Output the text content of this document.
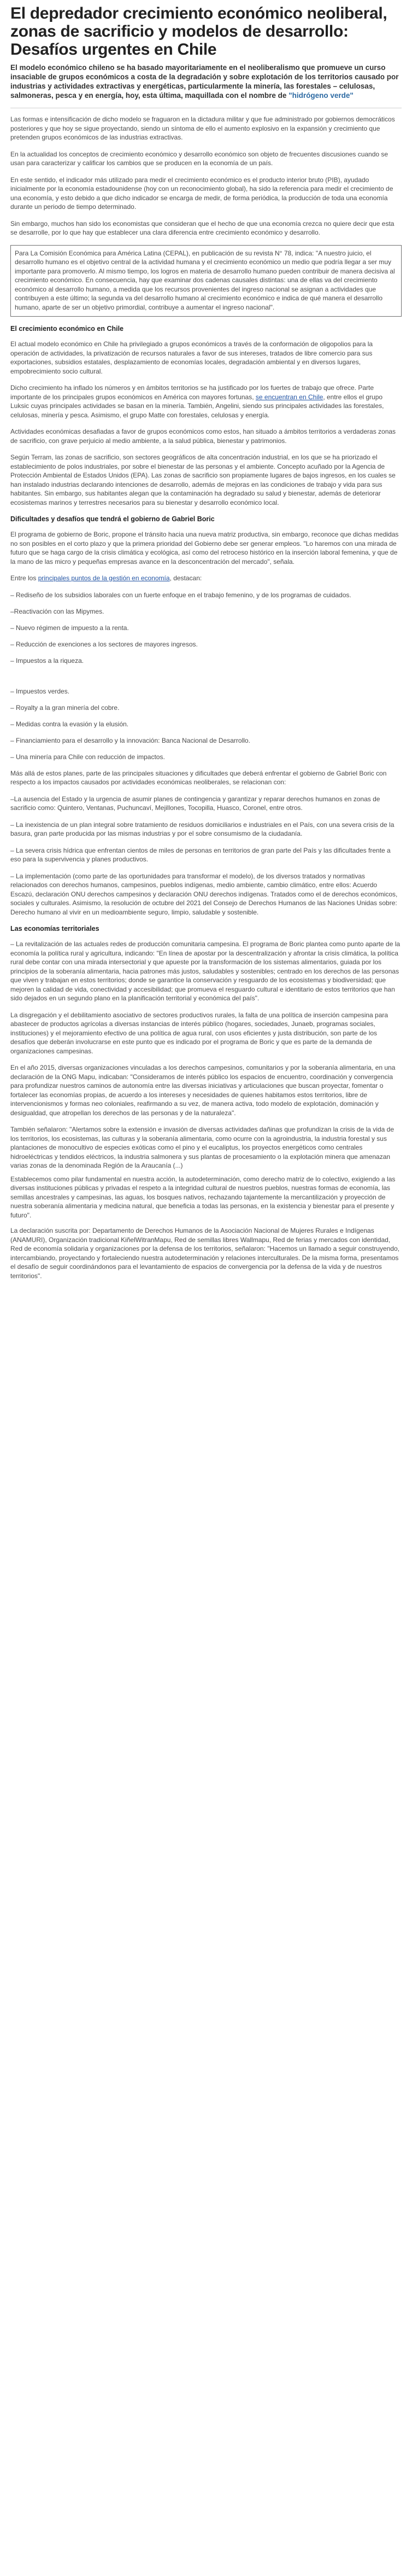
El depredador crecimiento económico neoliberal, zonas de sacrificio y modelos de desarrollo: Desafíos urgentes en Chile

El modelo económico chileno se ha basado mayoritariamente en el neoliberalismo que promueve un curso insaciable de grupos económicos a costa de la degradación y sobre explotación de los territorios causado por industrias y actividades extractivas y energéticas, particularmente la minería, las forestales – celulosas, salmoneras, pesca y en energía, hoy, esta última, maquillada con el nombre de "hidrógeno verde"

Las formas e intensificación de dicho modelo se fraguaron en la dictadura militar y que fue administrado por gobiernos democráticos posteriores y que hoy se sigue proyectando, siendo un síntoma de ello el aumento explosivo en la expansión y crecimiento que pretenden grupos económicos de las industrias extractivas.

En la actualidad los conceptos de crecimiento económico y desarrollo económico son objeto de frecuentes discusiones cuando se usan para caracterizar y calificar los cambios que se producen en la economía de un país.

En este sentido, el indicador más utilizado para medir el crecimiento económico es el producto interior bruto (PIB), ayudado inicialmente por la economía estadounidense (hoy con un reconocimiento global), ha sido la referencia para medir el crecimiento de una economía, y esto debido a que dicho indicador se encarga de medir, de forma periódica, la producción de toda una economía durante un periodo de tiempo determinado.

Sin embargo, muchos han sido los economistas que consideran que el hecho de que una economía crezca no quiere decir que esta se desarrolle, por lo que hay que establecer una clara diferencia entre crecimiento económico y desarrollo.

Para La Comisión Económica para América Latina (CEPAL), en publicación de su revista N° 78, indica: "A nuestro juicio, el desarrollo humano es el objetivo central de la actividad humana y el crecimiento económico un medio que podría llegar a ser muy importante para promoverlo. Al mismo tiempo, los logros en materia de desarrollo humano pueden contribuir de manera decisiva al crecimiento económico. En consecuencia, hay que examinar dos cadenas causales distintas: una de ellas va del crecimiento económico al desarrollo humano, a medida que los recursos provenientes del ingreso nacional se asignan a actividades que contribuyen a este último; la segunda va del desarrollo humano al crecimiento económico e indica de qué manera el desarrollo humano, aparte de ser un objetivo primordial, contribuye a aumentar el ingreso nacional".

El crecimiento económico en Chile

El actual modelo económico en Chile ha privilegiado a grupos económicos a través de la conformación de oligopolios para la operación de actividades, la privatización de recursos naturales a favor de sus intereses, tratados de libre comercio para sus exportaciones, subsidios estatales, desplazamiento de economías locales, degradación ambiental y en diversos lugares, empobrecimiento socio cultural.

Dicho crecimiento ha inflado los números y en ámbitos territorios se ha justificado por los fuertes de trabajo que ofrece. Parte importante de los principales grupos económicos en América con mayores fortunas, se encuentran en Chile, entre ellos el grupo Luksic cuyas principales actividades se basan en la minería. También, Angelini, siendo sus principales actividades las forestales, celulosas, minería y pesca. Asimismo, el grupo Matte con forestales, celulosas y energía.

Actividades económicas desafiadas a favor de grupos económicos como estos, han situado a ámbitos territorios a verdaderas zonas de sacrificio, con grave perjuicio al medio ambiente, a la salud pública, bienestar y patrimonios.

Según Terram, las zonas de sacrificio, son sectores geográficos de alta concentración industrial, en los que se ha priorizado el establecimiento de polos industriales, por sobre el bienestar de las personas y el ambiente. Concepto acuñado por la Agencia de Protección Ambiental de Estados Unidos (EPA). Las zonas de sacrificio son propiamente lugares de bajos ingresos, en los cuales se han instalado industrias declarando intenciones de desarrollo, además de mejoras en las condiciones de trabajo y vida para sus habitantes. Sin embargo, sus habitantes alegan que la contaminación ha degradado su salud y bienestar, además de deteriorar ecosistemas marinos y terrestres necesarios para su bienestar y desarrollo económico local.

Dificultades y desafíos que tendrá el gobierno de Gabriel Boric

El programa de gobierno de Boric, propone el tránsito hacia una nueva matriz productiva, sin embargo, reconoce que dichas medidas no son posibles en el corto plazo y que la primera prioridad del Gobierno debe ser generar empleos. "Lo haremos con una mirada de futuro que se haga cargo de la crisis climática y ecológica, así como del retroceso histórico en la inserción laboral femenina, y que de la mano de las micro y pequeñas empresas avance en la desconcentración del mercado", señala.

Entre los principales puntos de la gestión en economía, destacan:

– Rediseño de los subsidios laborales con un fuerte enfoque en el trabajo femenino, y de los programas de cuidados.
–Reactivación con las Mipymes.
– Nuevo régimen de impuesto a la renta.
– Reducción de exenciones a los sectores de mayores ingresos.
– Impuestos a la riqueza.
– Impuestos verdes.
– Royalty a la gran minería del cobre.
– Medidas contra la evasión y la elusión.
– Financiamiento para el desarrollo y la innovación: Banca Nacional de Desarrollo.
– Una minería para Chile con reducción de impactos.

Más allá de estos planes, parte de las principales situaciones y dificultades que deberá enfrentar el gobierno de Gabriel Boric con respecto a los impactos causados por actividades económicas neoliberales, se relacionan con:

–La ausencia del Estado y la urgencia de asumir planes de contingencia y garantizar y reparar derechos humanos en zonas de sacrificio como: Quintero, Ventanas, Puchuncaví, Mejillones, Tocopilla, Huasco, Coronel, entre otros.

– La inexistencia de un plan integral sobre tratamiento de residuos domiciliarios e industriales en el País, con una severa crisis de la basura, gran parte producida por las mismas industrias y por el sobre consumismo de la ciudadanía.

– La severa crisis hídrica que enfrentan cientos de miles de personas en territorios de gran parte del País y las dificultades frente a eso para la supervivencia y planes productivos.

– La implementación (como parte de las oportunidades para transformar el modelo), de los diversos tratados y normativas relacionados con derechos humanos, campesinos, pueblos indígenas, medio ambiente, cambio climático, entre ellos: Acuerdo Escazú, declaración ONU derechos campesinos y declaración ONU derechos indígenas. Tratados como el de derechos económicos, sociales y culturales. Asimismo, la resolución de octubre del 2021 del Consejo de Derechos Humanos de las Naciones Unidas sobre: Derecho humano al vivir en un medioambiente seguro, limpio, saludable y sostenible.

Las economías territoriales

– La revitalización de las actuales redes de producción comunitaria campesina. El programa de Boric plantea como punto aparte de la economía la política rural y agricultura, indicando: "En línea de apostar por la descentralización y afrontar la crisis climática, la política rural debe contar con una mirada intersectorial y que apueste por la transformación de los sistemas alimentarios, guiada por los principios de la soberanía alimentaria, hacia patrones más justos, saludables y sostenibles; centrado en los derechos de las personas que viven y trabajan en estos territorios; donde se garantice la conservación y resguardo de los ecosistemas y biodiversidad; que mejoren la calidad de vida, conectividad y accesibilidad; que promueva el resguardo cultural e identitario de estos territorios que han sido dejados en un segundo plano en la planificación territorial y económica del país".

La disgregación y el debilitamiento asociativo de sectores productivos rurales, la falta de una política de inserción campesina para abastecer de productos agrícolas a diversas instancias de interés público (hogares, sociedades, Junaeb, programas sociales, instituciones) y el mejoramiento efectivo de una política de agua rural, con usos eficientes y justa distribución, son parte de los desafíos que deberán involucrarse en este punto que es indicado por el programa de Boric y que es parte de la demanda de organizaciones campesinas.

En el año 2015, diversas organizaciones vinculadas a los derechos campesinos, comunitarios y por la soberanía alimentaria, en una declaración de la ONG Mapu, indicaban: "Consideramos de interés público los espacios de encuentro, coordinación y convergencia para profundizar nuestros caminos de autonomía entre las diversas iniciativas y articulaciones que buscan proyectar, fomentar o fortalecer las economías propias, de acuerdo a los intereses y necesidades de quienes habitamos estos territorios, libre de intervencionismos y formas neo coloniales, reafirmando a su vez, de manera activa, todo modelo de explotación, dominación y desigualdad, que atropellan los derechos de las personas y de la naturaleza".

También señalaron: "Alertamos sobre la extensión e invasión de diversas actividades dañinas que profundizan la crisis de la vida de los territorios, los ecosistemas, las culturas y la soberanía alimentaria, como ocurre con la agroindustria, la industria forestal y sus plantaciones de monocultivo de especies exóticas como el pino y el eucaliptus, los proyectos energéticos como centrales hidroeléctricas y tendidos eléctricos, la industria salmonera y sus plantas de procesamiento o la explotación minera que amenazan varias zonas de la denominada Región de la Araucanía (...)

Establecemos como pilar fundamental en nuestra acción, la autodeterminación, como derecho matriz de lo colectivo, exigiendo a las diversas instituciones públicas y privadas el respeto a la integridad cultural de nuestros pueblos, nuestras formas de economía, las semillas ancestrales y campesinas, las aguas, los bosques nativos, rechazando tajantemente la mercantilización y proyección de nuestra soberanía alimentaria y medicina natural, que beneficia a todas las personas, en la existencia y bienestar para el presente y futuro".

La declaración suscrita por: Departamento de Derechos Humanos de la Asociación Nacional de Mujeres Rurales e Indígenas (ANAMURI), Organización tradicional KiñelWitranMapu, Red de semillas libres Wallmapu, Red de ferias y mercados con identidad, Red de economía solidaria y organizaciones por la defensa de los territorios, señalaron: "Hacemos un llamado a seguir construyendo, intercambiando, proyectando y fortaleciendo nuestra autodeterminación y relaciones interculturales. De la misma forma, presentamos el desafío de seguir coordinándonos para el levantamiento de espacios de convergencia por la defensa de la vida y de nuestros territorios".
